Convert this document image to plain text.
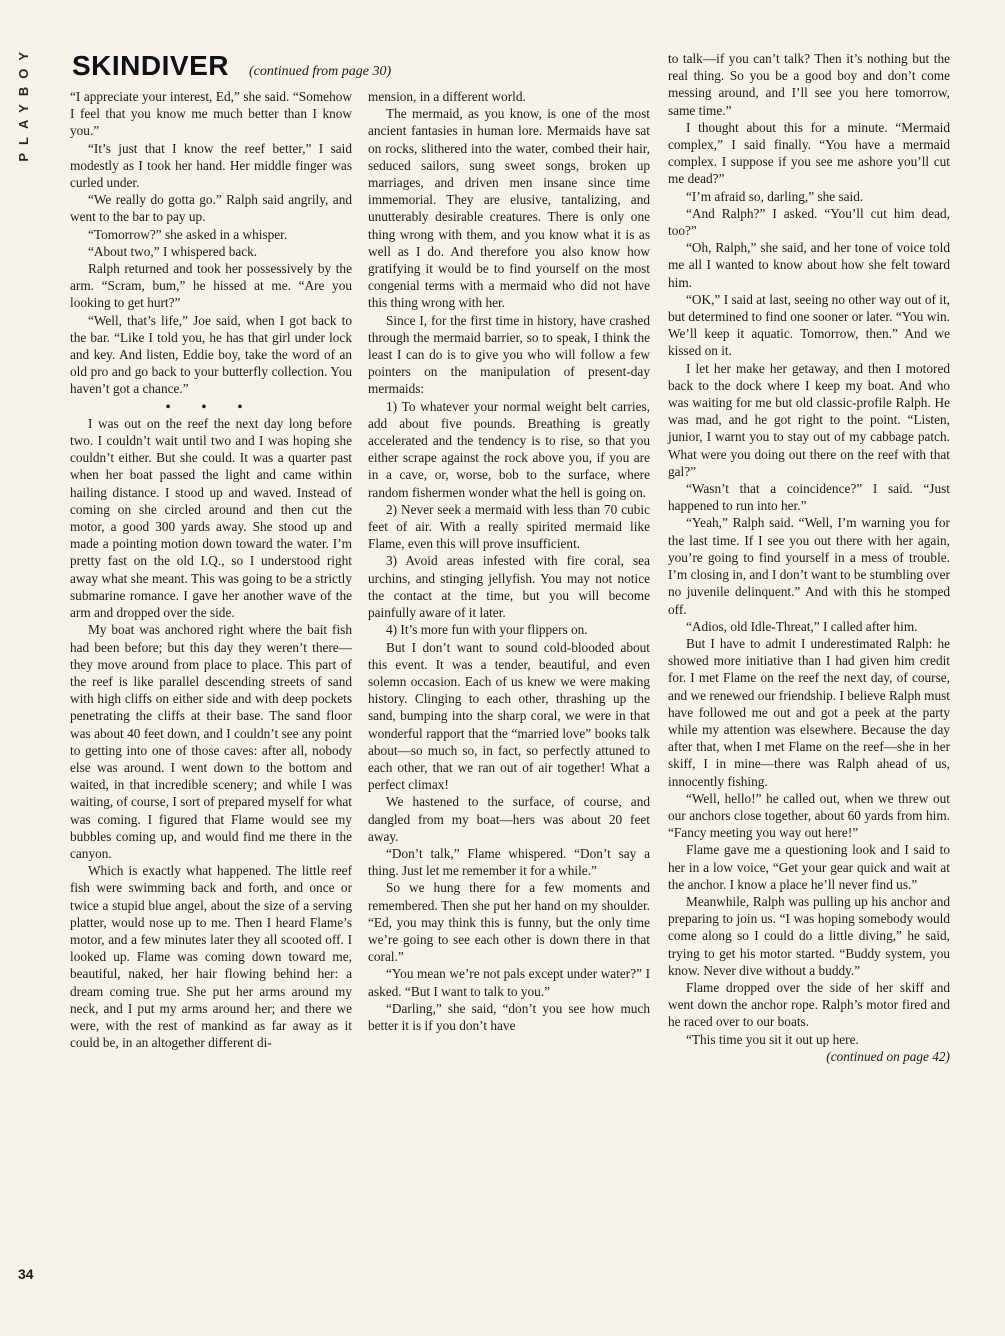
PLAYBOY	SKINDIVER (continued from page 30)

“I appreciate your interest, Ed,” she said. “Somehow I feel that you know me much better than I know you.”

“It’s just that I know the reef better,” I said modestly as I took her hand. Her middle finger was curled under.

“We really do gotta go.” Ralph said angrily, and went to the bar to pay up.

“Tomorrow?” she asked in a whisper.

“About two,” I whispered back.

Ralph returned and took her possessively by the arm. “Scram, bum,” he hissed at me. “Are you looking to get hurt?”

“Well, that’s life,” Joe said, when I got back to the bar. “Like I told you, he has that girl under lock and key. And listen, Eddie boy, take the word of an old pro and go back to your butterfly collection. You haven’t got a chance.”

• • •

I was out on the reef the next day long before two. I couldn’t wait until two and I was hoping she couldn’t either. But she could. It was a quarter past when her boat passed the light and came within hailing distance. I stood up and waved. Instead of coming on she circled around and then cut the motor, a good 300 yards away. She stood up and made a pointing motion down toward the water. I’m pretty fast on the old I.Q., so I understood right away what she meant. This was going to be a strictly submarine romance. I gave her another wave of the arm and dropped over the side.

My boat was anchored right where the bait fish had been before; but this day they weren’t there—they move around from place to place. This part of the reef is like parallel descending streets of sand with high cliffs on either side and with deep pockets penetrating the cliffs at their base. The sand floor was about 40 feet down, and I couldn’t see any point to getting into one of those caves: after all, nobody else was around. I went down to the bottom and waited, in that incredible scenery; and while I was waiting, of course, I sort of prepared myself for what was coming. I figured that Flame would see my bubbles coming up, and would find me there in the canyon.

Which is exactly what happened. The little reef fish were swimming back and forth, and once or twice a stupid blue angel, about the size of a serving platter, would nose up to me. Then I heard Flame’s motor, and a few minutes later they all scooted off. I looked up. Flame was coming down toward me, beautiful, naked, her hair flowing behind her: a dream coming true. She put her arms around my neck, and I put my arms around her; and there we were, with the rest of mankind as far away as it could be, in an altogether different di-

mension, in a different world.

The mermaid, as you know, is one of the most ancient fantasies in human lore. Mermaids have sat on rocks, slithered into the water, combed their hair, seduced sailors, sung sweet songs, broken up marriages, and driven men insane since time immemorial. They are elusive, tantalizing, and unutterably desirable creatures. There is only one thing wrong with them, and you know what it is as well as I do. And therefore you also know how gratifying it would be to find yourself on the most congenial terms with a mermaid who did not have this thing wrong with her.

Since I, for the first time in history, have crashed through the mermaid barrier, so to speak, I think the least I can do is to give you who will follow a few pointers on the manipulation of present-day mermaids:

1) To whatever your normal weight belt carries, add about five pounds. Breathing is greatly accelerated and the tendency is to rise, so that you either scrape against the rock above you, if you are in a cave, or, worse, bob to the surface, where random fishermen wonder what the hell is going on.

2) Never seek a mermaid with less than 70 cubic feet of air. With a really spirited mermaid like Flame, even this will prove insufficient.

3) Avoid areas infested with fire coral, sea urchins, and stinging jellyfish. You may not notice the contact at the time, but you will become painfully aware of it later.

4) It’s more fun with your flippers on.

But I don’t want to sound cold-blooded about this event. It was a tender, beautiful, and even solemn occasion. Each of us knew we were making history. Clinging to each other, thrashing up the sand, bumping into the sharp coral, we were in that wonderful rapport that the “married love” books talk about—so much so, in fact, so perfectly attuned to each other, that we ran out of air together! What a perfect climax!

We hastened to the surface, of course, and dangled from my boat—hers was about 20 feet away.

“Don’t talk,” Flame whispered. “Don’t say a thing. Just let me remember it for a while.”

So we hung there for a few moments and remembered. Then she put her hand on my shoulder. “Ed, you may think this is funny, but the only time we’re going to see each other is down there in that coral.”

“You mean we’re not pals except under water?” I asked. “But I want to talk to you.”

“Darling,” she said, “don’t you see how much better it is if you don’t have

to talk—if you can’t talk? Then it’s nothing but the real thing. So you be a good boy and don’t come messing around, and I’ll see you here tomorrow, same time.”

I thought about this for a minute. “Mermaid complex,” I said finally. “You have a mermaid complex. I suppose if you see me ashore you’ll cut me dead?”

“I’m afraid so, darling,” she said.

“And Ralph?” I asked. “You’ll cut him dead, too?”

“Oh, Ralph,” she said, and her tone of voice told me all I wanted to know about how she felt toward him.

“OK,” I said at last, seeing no other way out of it, but determined to find one sooner or later. “You win. We’ll keep it aquatic. Tomorrow, then.” And we kissed on it.

I let her make her getaway, and then I motored back to the dock where I keep my boat. And who was waiting for me but old classic-profile Ralph. He was mad, and he got right to the point. “Listen, junior, I warnt you to stay out of my cabbage patch. What were you doing out there on the reef with that gal?”

“Wasn’t that a coincidence?” I said. “Just happened to run into her.”

“Yeah,” Ralph said. “Well, I’m warning you for the last time. If I see you out there with her again, you’re going to find yourself in a mess of trouble. I’m closing in, and I don’t want to be stumbling over no juvenile delinquent.” And with this he stomped off.

“Adios, old Idle-Threat,” I called after him.

But I have to admit I underestimated Ralph: he showed more initiative than I had given him credit for. I met Flame on the reef the next day, of course, and we renewed our friendship. I believe Ralph must have followed me out and got a peek at the party while my attention was elsewhere. Because the day after that, when I met Flame on the reef—she in her skiff, I in mine—there was Ralph ahead of us, innocently fishing.

“Well, hello!” he called out, when we threw out our anchors close together, about 60 yards from him. “Fancy meeting you way out here!”

Flame gave me a questioning look and I said to her in a low voice, “Get your gear quick and wait at the anchor. I know a place he’ll never find us.”

Meanwhile, Ralph was pulling up his anchor and preparing to join us. “I was hoping somebody would come along so I could do a little diving,” he said, trying to get his motor started. “Buddy system, you know. Never dive without a buddy.”

Flame dropped over the side of her skiff and went down the anchor rope. Ralph’s motor fired and he raced over to our boats.

“This time you sit it out up here.

(continued on page 42)

34
